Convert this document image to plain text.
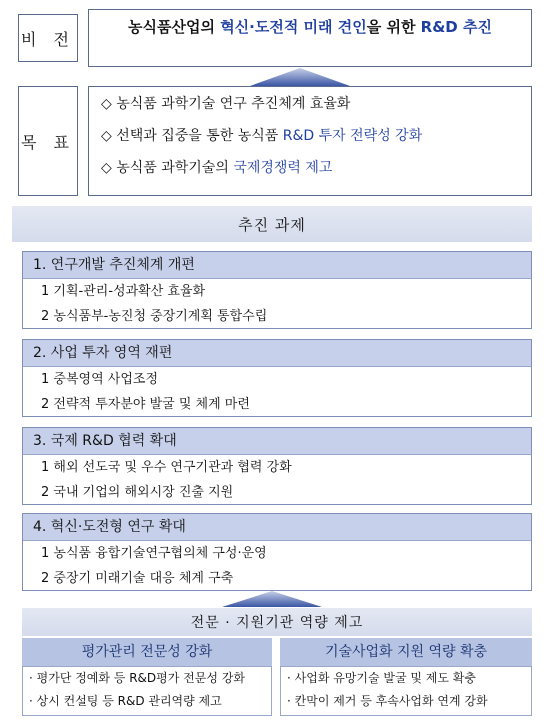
비 전
농식품산업의 혁신·도전적 미래 견인을 위한 R&D 추진
목 표
◇ 농식품 과학기술 연구 추진체계 효율화
◇ 선택과 집중을 통한 농식품 R&D 투자 전략성 강화
◇ 농식품 과학기술의 국제경쟁력 제고
추진 과제
1. 연구개발 추진체계 개편
1 기획-관리-성과확산 효율화
2 농식품부-농진청 중장기계획 통합수립
2. 사업 투자 영역 재편
1 중복영역 사업조정
2 전략적 투자분야 발굴 및 체계 마련
3. 국제 R&D 협력 확대
1 해외 선도국 및 우수 연구기관과 협력 강화
2 국내 기업의 해외시장 진출 지원
4. 혁신·도전형 연구 확대
1 농식품 융합기술연구협의체 구성·운영
2 중장기 미래기술 대응 체계 구축
전문 · 지원기관 역량 제고
평가관리 전문성 강화
· 평가단 정예화 등 R&D평가 전문성 강화
· 상시 컨설팅 등 R&D 관리역량 제고
기술사업화 지원 역량 확충
· 사업화 유망기술 발굴 및 제도 확충
· 칸막이 제거 등 후속사업화 연계 강화
